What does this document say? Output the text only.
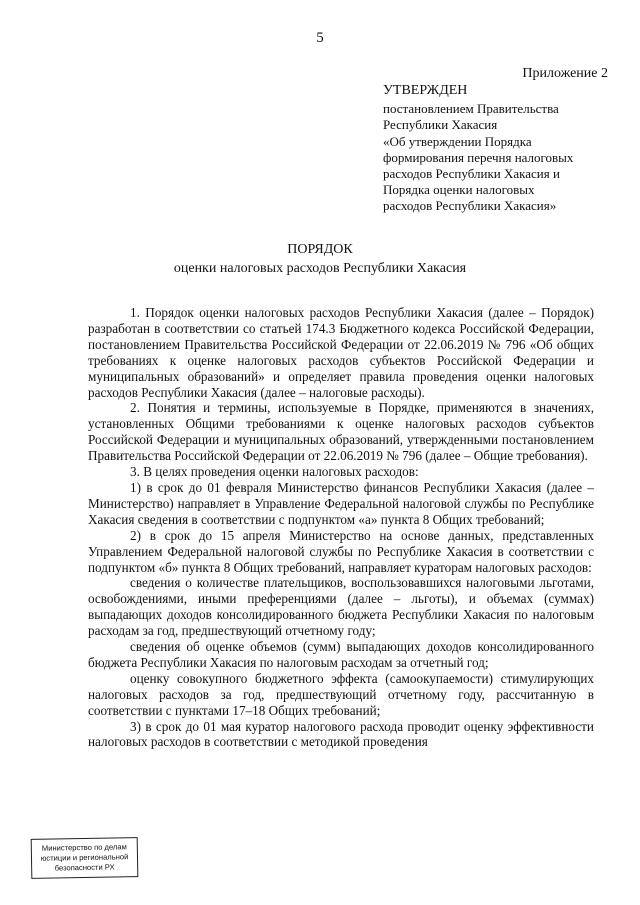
5
Приложение 2
УТВЕРЖДЕН
постановлением Правительства
Республики Хакасия
«Об утверждении Порядка
формирования перечня налоговых
расходов Республики Хакасия и
Порядка оценки налоговых
расходов Республики Хакасия»
ПОРЯДОК
оценки налоговых расходов Республики Хакасия

1. Порядок оценки налоговых расходов Республики Хакасия (далее – Порядок) разработан в соответствии со статьей 174.3 Бюджетного кодекса Российской Федерации, постановлением Правительства Российской Федерации от 22.06.2019 № 796 «Об общих требованиях к оценке налоговых расходов субъектов Российской Федерации и муниципальных образований» и определяет правила проведения оценки налоговых расходов Республики Хакасия (далее – налоговые расходы).

2. Понятия и термины, используемые в Порядке, применяются в значениях, установленных Общими требованиями к оценке налоговых расходов субъектов Российской Федерации и муниципальных образований, утвержденными постановлением Правительства Российской Федерации от 22.06.2019 № 796 (далее – Общие требования).

3. В целях проведения оценки налоговых расходов:

1) в срок до 01 февраля Министерство финансов Республики Хакасия (далее – Министерство) направляет в Управление Федеральной налоговой службы по Республике Хакасия сведения в соответствии с подпунктом «а» пункта 8 Общих требований;

2) в срок до 15 апреля Министерство на основе данных, представленных Управлением Федеральной налоговой службы по Республике Хакасия в соответствии с подпунктом «б» пункта 8 Общих требований, направляет кураторам налоговых расходов:

сведения о количестве плательщиков, воспользовавшихся налоговыми льготами, освобождениями, иными преференциями (далее – льготы), и объемах (суммах) выпадающих доходов консолидированного бюджета Республики Хакасия по налоговым расходам за год, предшествующий отчетному году;

сведения об оценке объемов (сумм) выпадающих доходов консолидированного бюджета Республики Хакасия по налоговым расходам за отчетный год;

оценку совокупного бюджетного эффекта (самоокупаемости) стимулирующих налоговых расходов за год, предшествующий отчетному году, рассчитанную в соответствии с пунктами 17–18 Общих требований;

3) в срок до 01 мая куратор налогового расхода проводит оценку эффективности налоговых расходов в соответствии с методикой проведения

Министерство по делам
юстиции и региональной
безопасности РХ
